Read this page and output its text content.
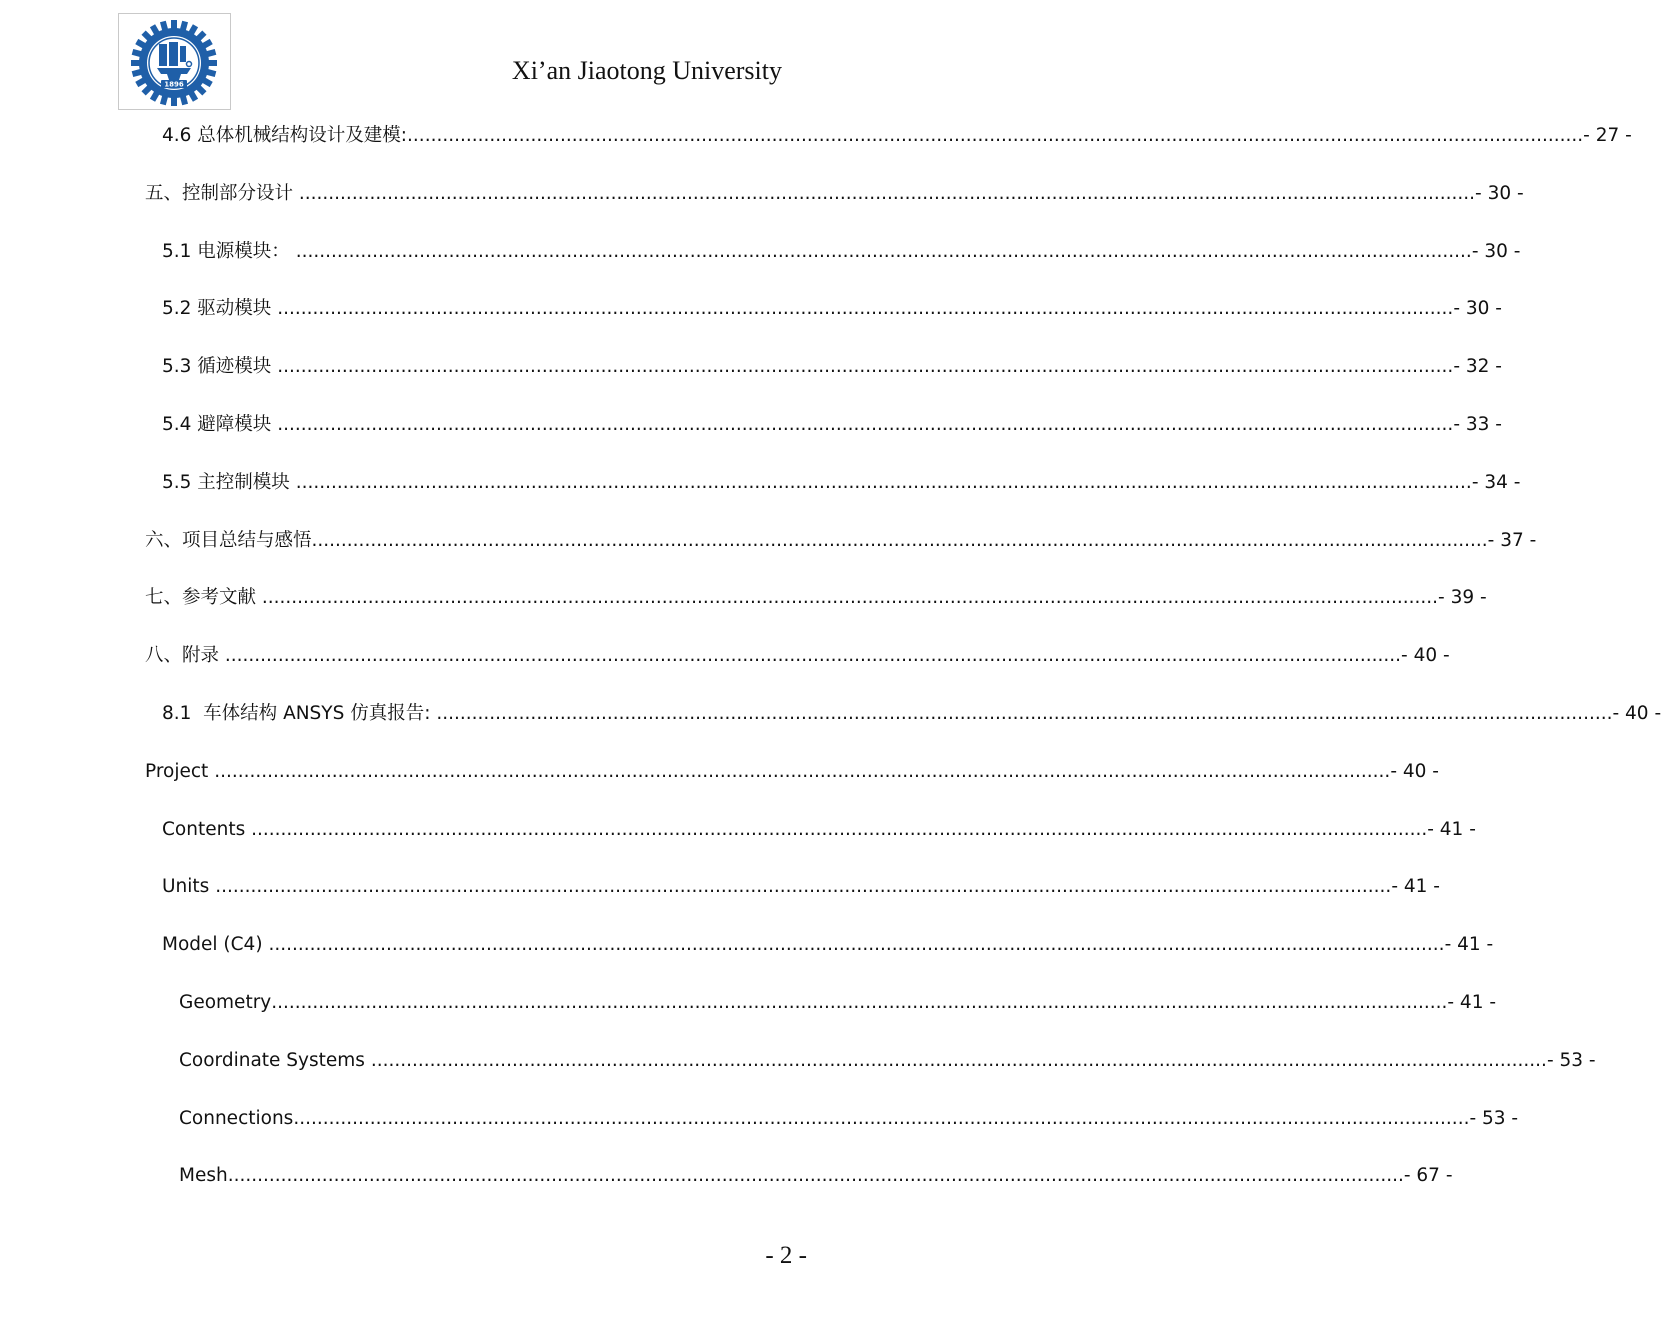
1896	Xi’an Jiaotong University
4.6 总体机械结构设计及建模: ........................................................................................................................................................................................................ - 27 -
五、控制部分设计 ........................................................................................................................................................................................................ - 30 -
5.1 电源模块： ........................................................................................................................................................................................................ - 30 -
5.2 驱动模块 ........................................................................................................................................................................................................ - 30 -
5.3 循迹模块 ........................................................................................................................................................................................................ - 32 -
5.4 避障模块 ........................................................................................................................................................................................................ - 33 -
5.5 主控制模块 ........................................................................................................................................................................................................ - 34 -
六、项目总结与感悟 ........................................................................................................................................................................................................ - 37 -
七、参考文献 ........................................................................................................................................................................................................ - 39 -
八、附录 ........................................................................................................................................................................................................ - 40 -
8.1  车体结构 ANSYS 仿真报告: ........................................................................................................................................................................................................ - 40 -
Project ........................................................................................................................................................................................................ - 40 -
Contents ........................................................................................................................................................................................................ - 41 -
Units ........................................................................................................................................................................................................ - 41 -
Model (C4) ........................................................................................................................................................................................................ - 41 -
Geometry ........................................................................................................................................................................................................ - 41 -
Coordinate Systems ........................................................................................................................................................................................................ - 53 -
Connections ........................................................................................................................................................................................................ - 53 -
Mesh ........................................................................................................................................................................................................ - 67 -
- 2 -
